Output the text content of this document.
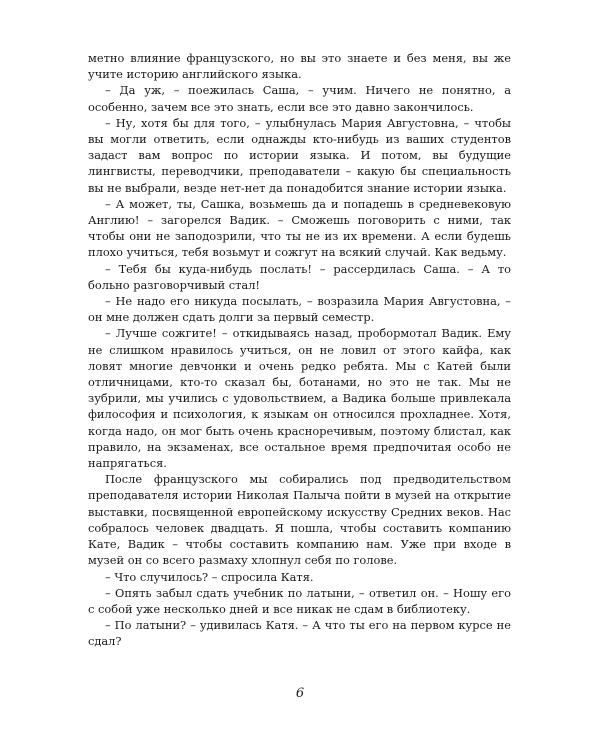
метно влияние французского, но вы это знаете и без меня, вы же учите историю английского языка.

– Да уж, – поежилась Саша, – учим. Ничего не понятно, а особенно, зачем все это знать, если все это давно закончилось.

– Ну, хотя бы для того, – улыбнулась Мария Августовна, – чтобы вы могли ответить, если однажды кто-нибудь из ваших студентов задаст вам вопрос по истории языка. И потом, вы будущие лингвисты, переводчики, преподаватели – какую бы специальность вы не выбрали, везде нет-нет да понадобится знание истории языка.

– А может, ты, Сашка, возьмешь да и попадешь в средневековую Англию! – загорелся Вадик. – Сможешь поговорить с ними, так чтобы они не заподозрили, что ты не из их времени. А если будешь плохо учиться, тебя возьмут и сожгут на всякий случай. Как ведьму.

– Тебя бы куда-нибудь послать! – рассердилась Саша. – А то больно разговорчивый стал!

– Не надо его никуда посылать, – возразила Мария Августовна, – он мне должен сдать долги за первый семестр.

– Лучше сожгите! – откидываясь назад, пробормотал Вадик. Ему не слишком нравилось учиться, он не ловил от этого кайфа, как ловят многие девчонки и очень редко ребята. Мы с Катей были отличницами, кто-то сказал бы, ботанами, но это не так. Мы не зубрили, мы учились с удовольствием, а Вадика больше привлекала философия и психология, к языкам он относился прохладнее. Хотя, когда надо, он мог быть очень красноречивым, поэтому блистал, как правило, на экзаменах, все остальное время предпочитая особо не напрягаться.

После французского мы собирались под предводительством преподавателя истории Николая Палыча пойти в музей на открытие выставки, посвященной европейскому искусству Средних веков. Нас собралось человек двадцать. Я пошла, чтобы составить компанию Кате, Вадик – чтобы составить компанию нам. Уже при входе в музей он со всего размаху хлопнул себя по голове.

– Что случилось? – спросила Катя.

– Опять забыл сдать учебник по латыни, – ответил он. – Ношу его с собой уже несколько дней и все никак не сдам в библиотеку.

– По латыни? – удивилась Катя. – А что ты его на первом курсе не сдал?

6
